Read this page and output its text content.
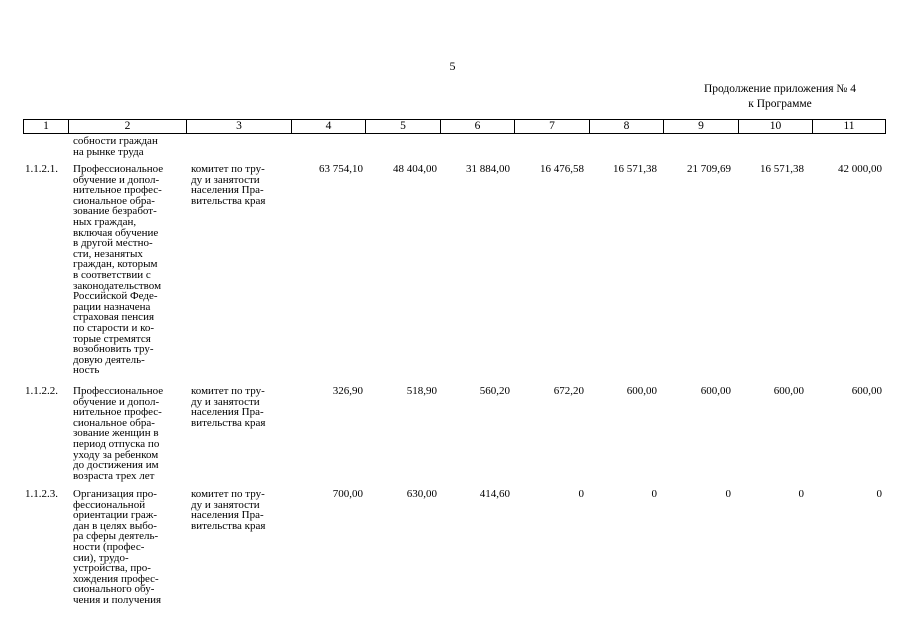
5
Продолжение приложения № 4
к Программе
1	2	3	4	5	6	7	8	9	10	11
собности граждан
на рынке труда
1.1.2.1. Профессиональное
обучение и допол-
нительное профес-
сиональное обра-
зование безработ-
ных граждан,
включая обучение
в другой местно-
сти, незанятых
граждан, которым
в соответствии с
законодательством
Российской Феде-
рации назначена
страховая пенсия
по старости и ко-
торые стремятся
возобновить тру-
довую деятель-
ность
комитет по тру-
ду и занятости
населения Пра-
вительства края
63 754,10	48 404,00	31 884,00	16 476,58	16 571,38	21 709,69	16 571,38	42 000,00
1.1.2.2. Профессиональное
обучение и допол-
нительное профес-
сиональное обра-
зование женщин в
период отпуска по
уходу за ребенком
до достижения им
возраста трех лет
комитет по тру-
ду и занятости
населения Пра-
вительства края
326,90	518,90	560,20	672,20	600,00	600,00	600,00	600,00
1.1.2.3. Организация про-
фессиональной
ориентации граж-
дан в целях выбо-
ра сферы деятель-
ности (профес-
сии), трудо-
устройства, про-
хождения профес-
сионального обу-
чения и получения
комитет по тру-
ду и занятости
населения Пра-
вительства края
700,00	630,00	414,60	0	0	0	0	0
